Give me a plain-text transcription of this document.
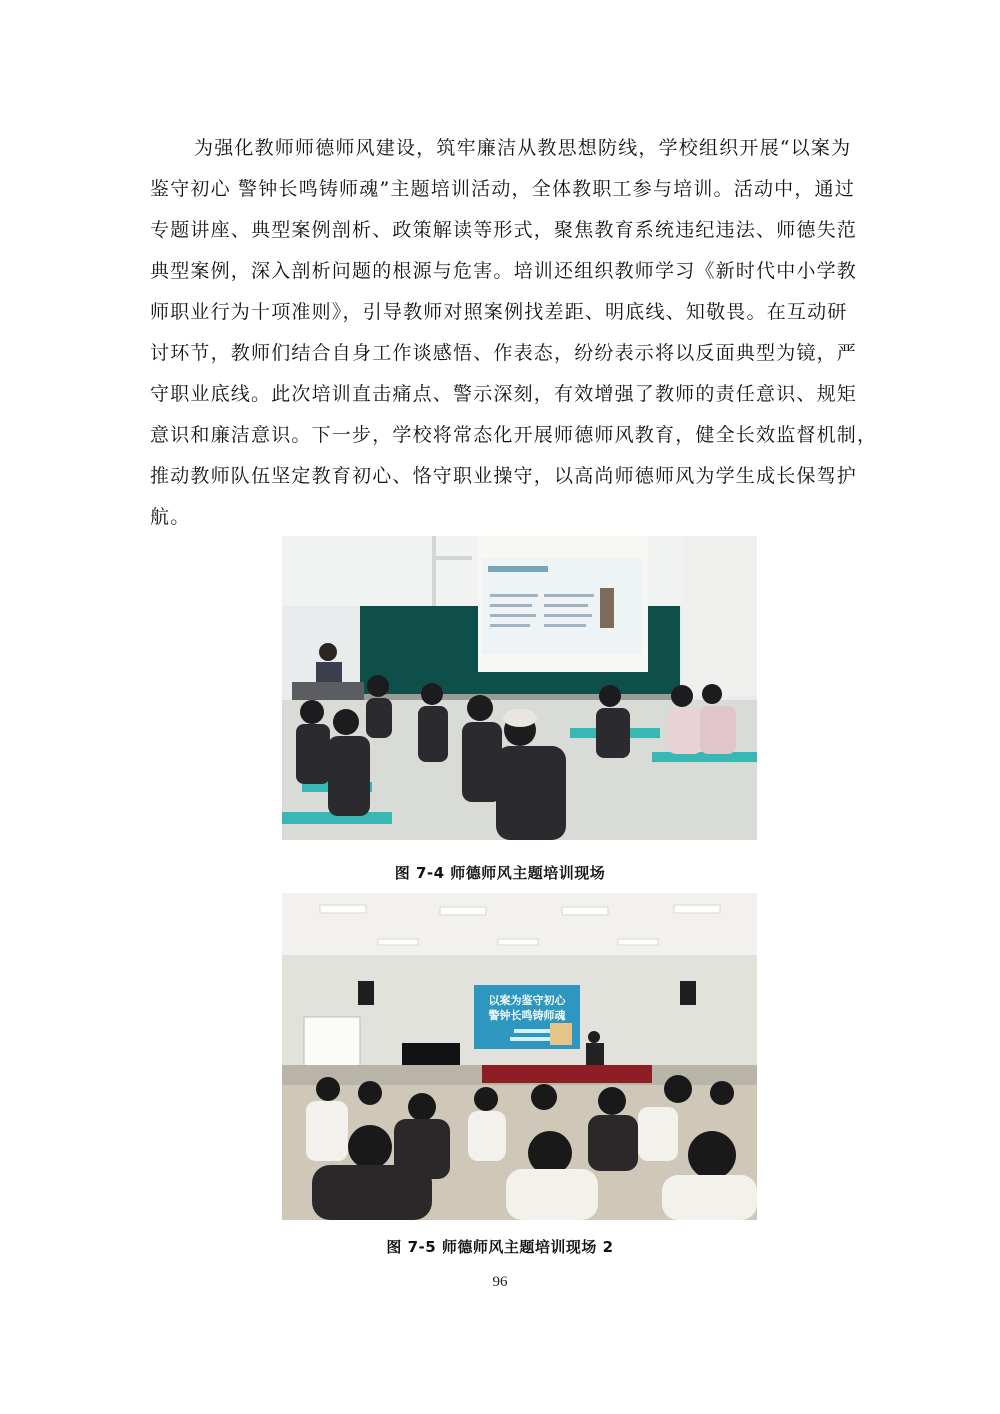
为强化教师师德师风建设，筑牢廉洁从教思想防线，学校组织开展“以案为
鉴守初心 警钟长鸣铸师魂”主题培训活动，全体教职工参与培训。活动中，通过
专题讲座、典型案例剖析、政策解读等形式，聚焦教育系统违纪违法、师德失范
典型案例，深入剖析问题的根源与危害。培训还组织教师学习《新时代中小学教
师职业行为十项准则》，引导教师对照案例找差距、明底线、知敬畏。在互动研
讨环节，教师们结合自身工作谈感悟、作表态，纷纷表示将以反面典型为镜，严
守职业底线。此次培训直击痛点、警示深刻，有效增强了教师的责任意识、规矩
意识和廉洁意识。下一步，学校将常态化开展师德师风教育，健全长效监督机制，
推动教师队伍坚定教育初心、恪守职业操守，以高尚师德师风为学生成长保驾护
航。

图 7-4 师德师风主题培训现场

以案为鉴守初心
警钟长鸣铸师魂

图 7-5 师德师风主题培训现场 2

96
